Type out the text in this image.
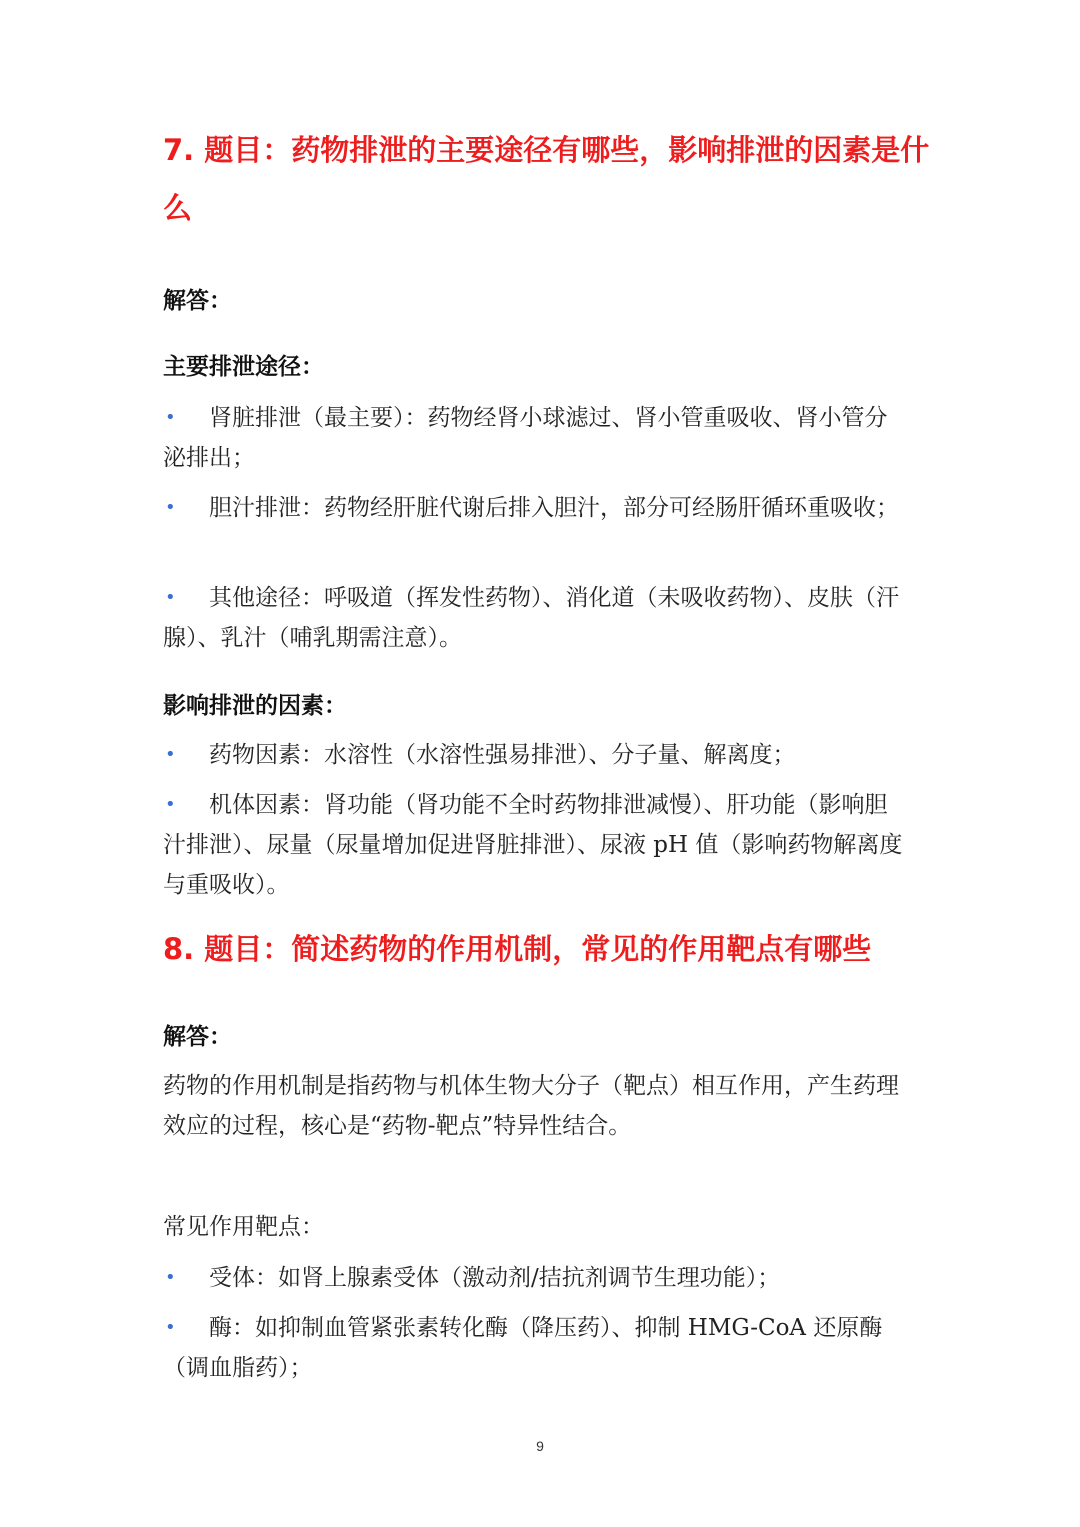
7. 题目：药物排泄的主要途径有哪些，影响排泄的因素是什么

解答：

主要排泄途径：

• 肾脏排泄（最主要）：药物经肾小球滤过、肾小管重吸收、肾小管分泌排出；

• 胆汁排泄：药物经肝脏代谢后排入胆汁，部分可经肠肝循环重吸收；

• 其他途径：呼吸道（挥发性药物）、消化道（未吸收药物）、皮肤（汗腺）、乳汁（哺乳期需注意）。

影响排泄的因素：

• 药物因素：水溶性（水溶性强易排泄）、分子量、解离度；

• 机体因素：肾功能（肾功能不全时药物排泄减慢）、肝功能（影响胆汁排泄）、尿量（尿量增加促进肾脏排泄）、尿液 pH 值（影响药物解离度与重吸收）。

8. 题目：简述药物的作用机制，常见的作用靶点有哪些

解答：

药物的作用机制是指药物与机体生物大分子（靶点）相互作用，产生药理效应的过程，核心是“药物-靶点”特异性结合。

常见作用靶点：

• 受体：如肾上腺素受体（激动剂/拮抗剂调节生理功能）；

• 酶：如抑制血管紧张素转化酶（降压药）、抑制 HMG-CoA 还原酶（调血脂药）；

9
